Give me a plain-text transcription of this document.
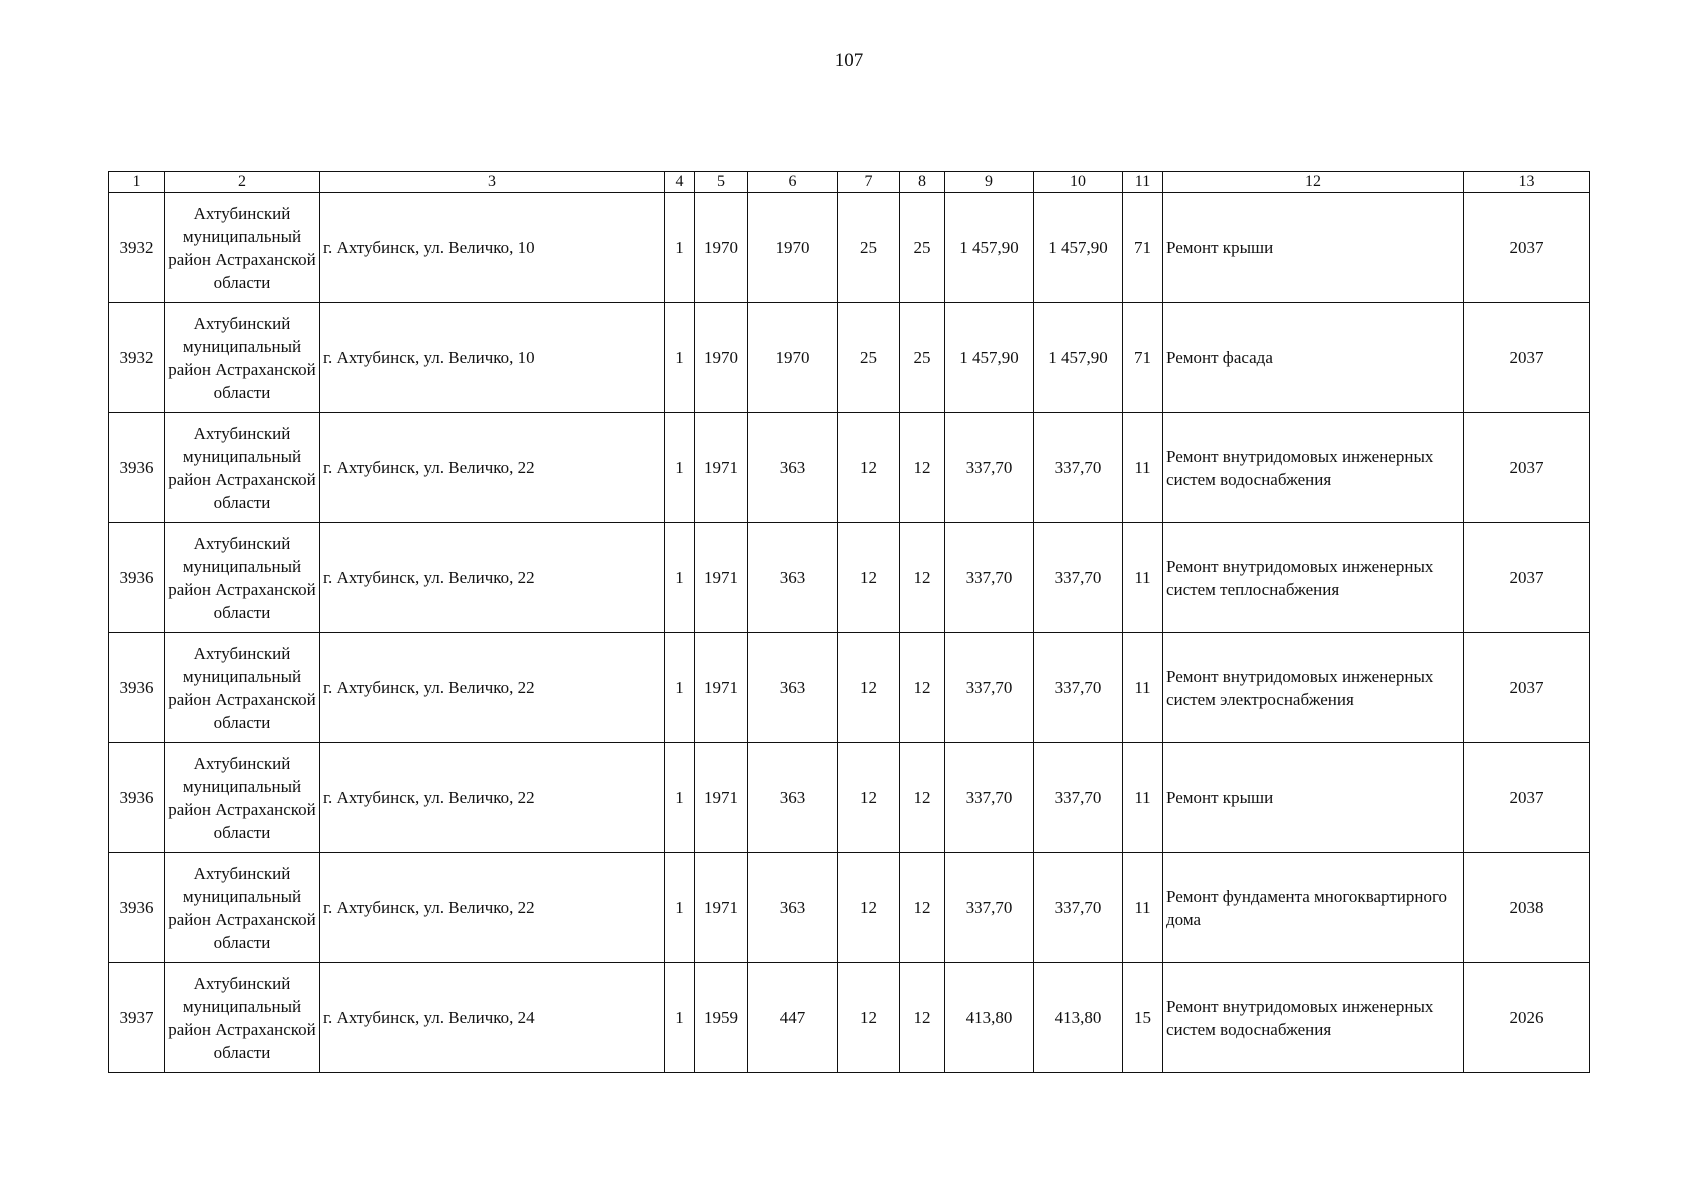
107
1	2	3	4	5	6	7	8	9	10	11	12	13
3932	Ахтубинский муниципальный район Астраханской области	г. Ахтубинск, ул. Величко, 10	1	1970	1970	25	25	1 457,90	1 457,90	71	Ремонт крыши	2037
3932	Ахтубинский муниципальный район Астраханской области	г. Ахтубинск, ул. Величко, 10	1	1970	1970	25	25	1 457,90	1 457,90	71	Ремонт фасада	2037
3936	Ахтубинский муниципальный район Астраханской области	г. Ахтубинск, ул. Величко, 22	1	1971	363	12	12	337,70	337,70	11	Ремонт внутридомовых инженерных систем водоснабжения	2037
3936	Ахтубинский муниципальный район Астраханской области	г. Ахтубинск, ул. Величко, 22	1	1971	363	12	12	337,70	337,70	11	Ремонт внутридомовых инженерных систем теплоснабжения	2037
3936	Ахтубинский муниципальный район Астраханской области	г. Ахтубинск, ул. Величко, 22	1	1971	363	12	12	337,70	337,70	11	Ремонт внутридомовых инженерных систем электроснабжения	2037
3936	Ахтубинский муниципальный район Астраханской области	г. Ахтубинск, ул. Величко, 22	1	1971	363	12	12	337,70	337,70	11	Ремонт крыши	2037
3936	Ахтубинский муниципальный район Астраханской области	г. Ахтубинск, ул. Величко, 22	1	1971	363	12	12	337,70	337,70	11	Ремонт фундамента многоквартирного дома	2038
3937	Ахтубинский муниципальный район Астраханской области	г. Ахтубинск, ул. Величко, 24	1	1959	447	12	12	413,80	413,80	15	Ремонт внутридомовых инженерных систем водоснабжения	2026
